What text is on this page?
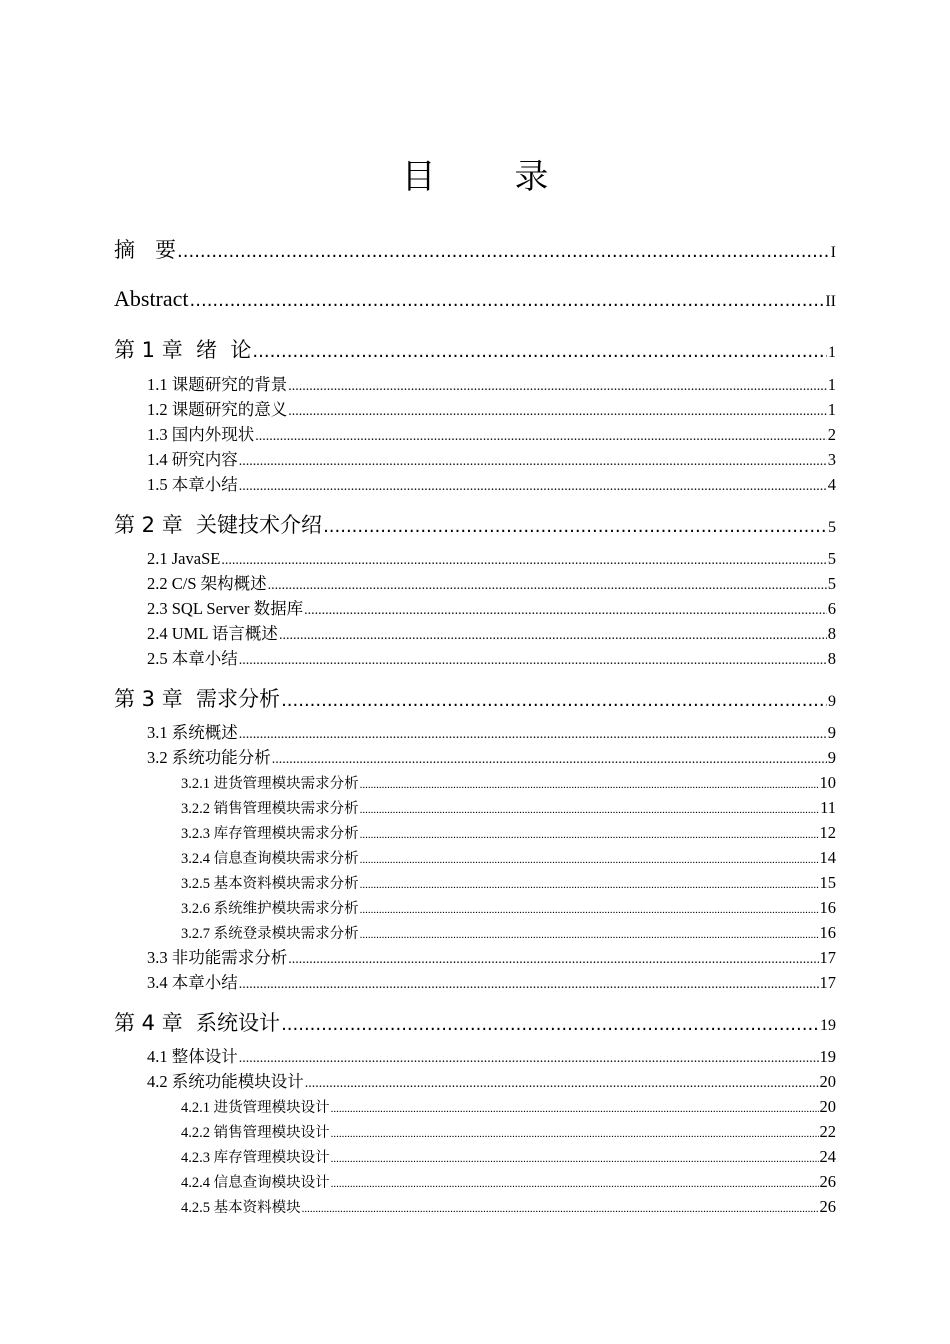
目 录
摘   要 .....	I
Abstract .....	II
第 1 章  绪  论 .....	1
1.1 课题研究的背景 .....	1
1.2 课题研究的意义 .....	1
1.3 国内外现状 .....	2
1.4 研究内容 .....	3
1.5 本章小结 .....	4
第 2 章  关键技术介绍 .....	5
2.1 JavaSE .....	5
2.2 C/S 架构概述 .....	5
2.3 SQL Server 数据库 .....	6
2.4 UML 语言概述 .....	8
2.5 本章小结 .....	8
第 3 章  需求分析 .....	9
3.1 系统概述 .....	9
3.2 系统功能分析 .....	9
3.2.1 进货管理模块需求分析 .....	10
3.2.2 销售管理模块需求分析 .....	11
3.2.3 库存管理模块需求分析 .....	12
3.2.4 信息查询模块需求分析 .....	14
3.2.5 基本资料模块需求分析 .....	15
3.2.6 系统维护模块需求分析 .....	16
3.2.7 系统登录模块需求分析 .....	16
3.3 非功能需求分析 .....	17
3.4 本章小结 .....	17
第 4 章  系统设计 .....	19
4.1 整体设计 .....	19
4.2 系统功能模块设计 .....	20
4.2.1 进货管理模块设计 .....	20
4.2.2 销售管理模块设计 .....	22
4.2.3 库存管理模块设计 .....	24
4.2.4 信息查询模块设计 .....	26
4.2.5 基本资料模块 .....	26
